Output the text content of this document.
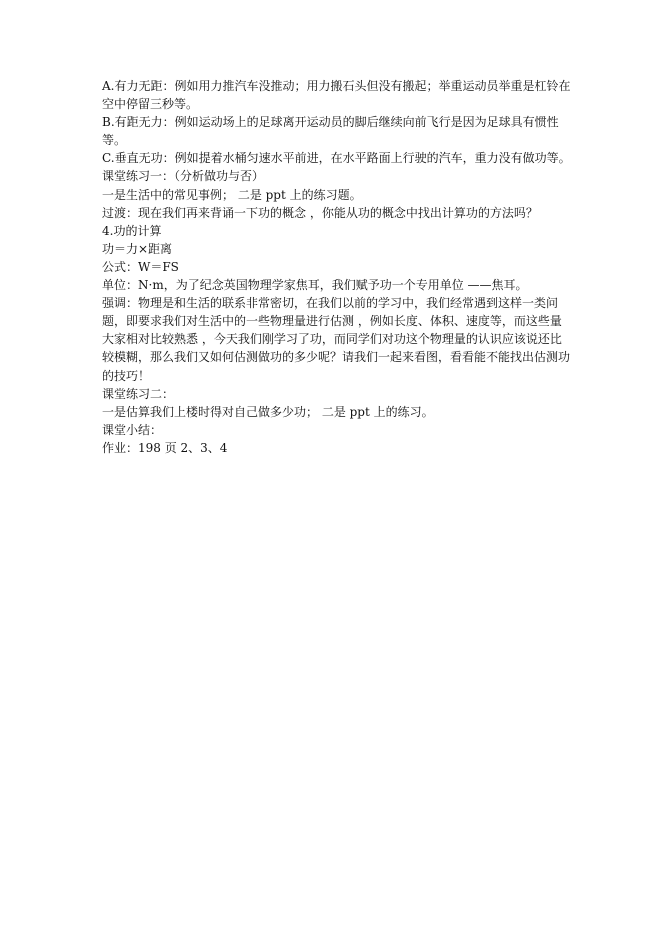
A.有力无距：例如用力推汽车没推动；用力搬石头但没有搬起；举重运动员举重是杠铃在空中停留三秒等。

B.有距无力：例如运动场上的足球离开运动员的脚后继续向前飞行是因为足球具有惯性等。

C.垂直无功：例如提着水桶匀速水平前进，在水平路面上行驶的汽车，重力没有做功等。

课堂练习一：（分析做功与否）

一是生活中的常见事例； 二是 ppt 上的练习题。

过渡：现在我们再来背诵一下功的概念 ，你能从功的概念中找出计算功的方法吗？

4.功的计算

功＝力×距离

公式：W＝FS

单位：N·m，为了纪念英国物理学家焦耳，我们赋予功一个专用单位 ——焦耳。

强调：物理是和生活的联系非常密切，在我们以前的学习中，我们经常遇到这样一类问题，即要求我们对生活中的一些物理量进行估测 ，例如长度、体积、速度等，而这些量大家相对比较熟悉 ，今天我们刚学习了功，而同学们对功这个物理量的认识应该说还比较模糊，那么我们又如何估测做功的多少呢？请我们一起来看图，看看能不能找出估测功的技巧！

课堂练习二：

一是估算我们上楼时得对自己做多少功； 二是 ppt 上的练习。

课堂小结：

作业：198 页 2、3、4
